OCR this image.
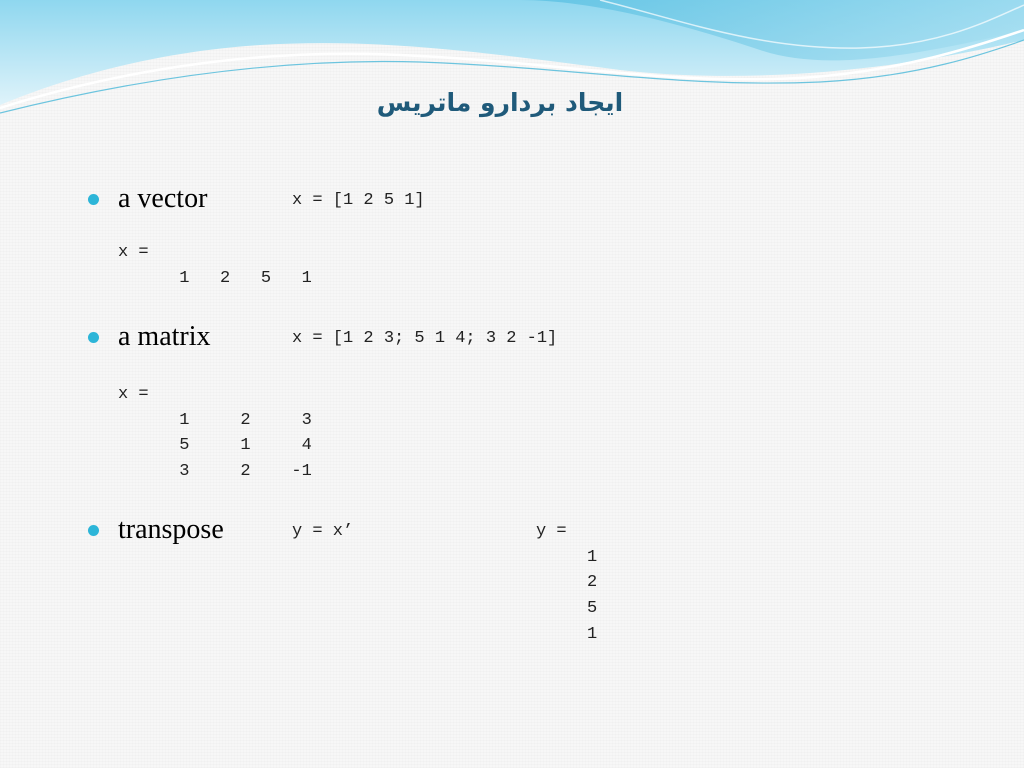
ایجاد بردارو ماتریس
a vector	x = [1 2 5 1]
x =
1   2   5   1
a matrix	x = [1 2 3; 5 1 4; 3 2 -1]
x =
1     2     3
5     1     4
3     2    -1
transpose	y = x’	y =
1
2
5
1
